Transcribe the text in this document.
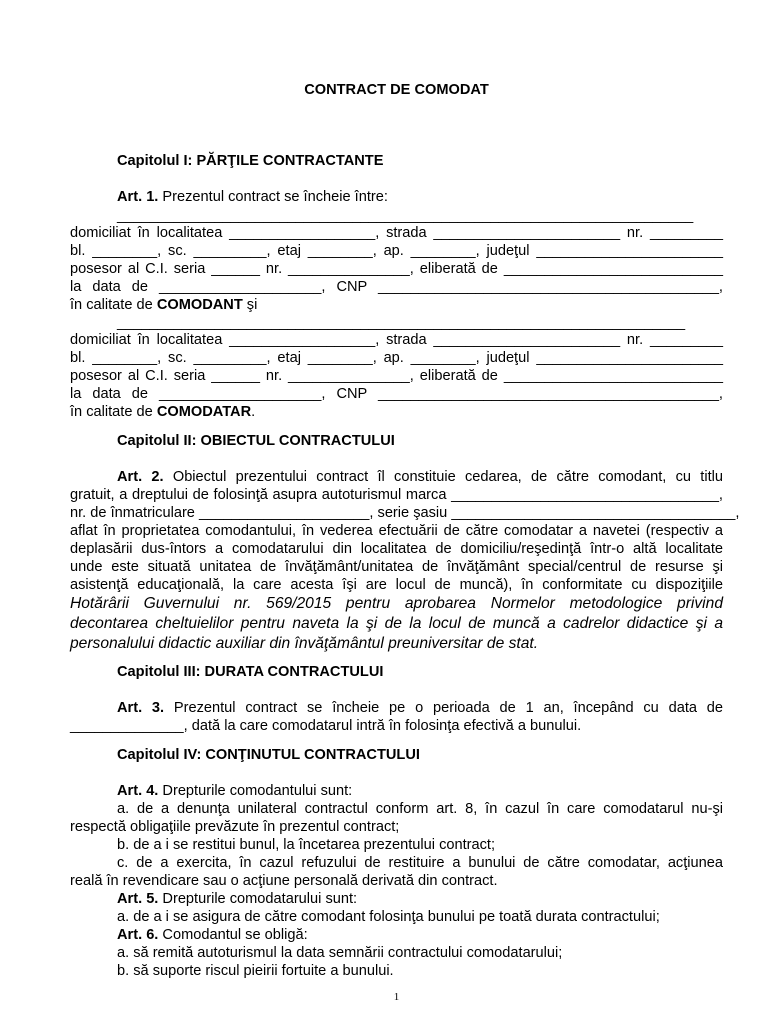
CONTRACT DE COMODAT
Capitolul I: PĂRŢILE CONTRACTANTE
Art. 1. Prezentul contract se încheie între:
_______________________________________________________________________
domiciliat în localitatea __________________, strada _______________________ nr. _________
bl. ________, sc. _________, etaj ________, ap. ________, judeţul _______________________
posesor al C.I. seria ______ nr. _______________, eliberată de ___________________________
la data de ____________________, CNP __________________________________________,
în calitate de COMODANT şi
______________________________________________________________________
domiciliat în localitatea __________________, strada _______________________ nr. _________
bl. ________, sc. _________, etaj ________, ap. ________, judeţul _______________________
posesor al C.I. seria ______ nr. _______________, eliberată de ___________________________
la data de ____________________, CNP __________________________________________,
în calitate de COMODATAR.
Capitolul II: OBIECTUL CONTRACTULUI
Art. 2. Obiectul prezentului contract îl constituie cedarea, de către comodant, cu titlu
gratuit, a dreptului de folosinţă asupra autoturismul marca _________________________________,
nr. de înmatriculare _____________________, serie şasiu ___________________________________,
aflat în proprietatea comodantului, în vederea efectuării de către comodatar a navetei (respectiv a
deplasării dus-întors a comodatarului din localitatea de domiciliu/reşedinţă într-o altă localitate
unde este situată unitatea de învăţământ/unitatea de învăţământ special/centrul de resurse şi
asistenţă educaţională, la care acesta îşi are locul de muncă), în conformitate cu dispoziţiile
Hotărârii Guvernului nr. 569/2015 pentru aprobarea Normelor metodologice privind
decontarea cheltuielilor pentru naveta la şi de la locul de muncă a cadrelor didactice şi a
personalului didactic auxiliar din învăţământul preuniversitar de stat.
Capitolul III: DURATA CONTRACTULUI
Art. 3. Prezentul contract se încheie pe o perioada de 1 an, începând cu data de
______________, dată la care comodatarul intră în folosinţa efectivă a bunului.
Capitolul IV: CONŢINUTUL CONTRACTULUI
Art. 4. Drepturile comodantului sunt:
a. de a denunţa unilateral contractul conform art. 8, în cazul în care comodatarul nu-şi
respectă obligaţiile prevăzute în prezentul contract;
b. de a i se restitui bunul, la încetarea prezentului contract;
c. de a exercita, în cazul refuzului de restituire a bunului de către comodatar, acţiunea
reală în revendicare sau o acţiune personală derivată din contract.
Art. 5. Drepturile comodatarului sunt:
a. de a i se asigura de către comodant folosinţa bunului pe toată durata contractului;
Art. 6. Comodantul se obligă:
a. să remită autoturismul la data semnării contractului comodatarului;
b. să suporte riscul pieirii fortuite a bunului.
1
